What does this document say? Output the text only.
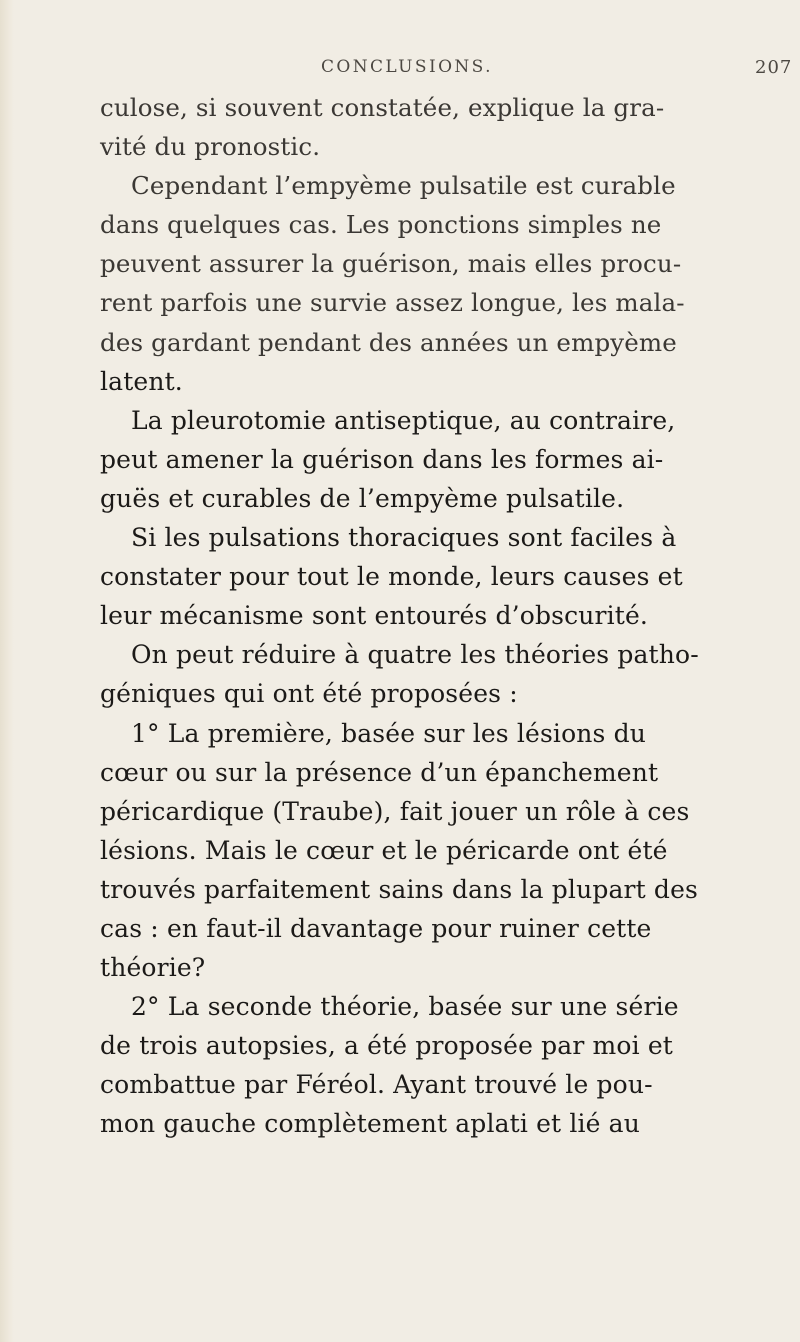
CONCLUSIONS.	207
culose, si souvent constatée, explique la gra-
vité du pronostic.
Cependant l’empyème pulsatile est curable
dans quelques cas. Les ponctions simples ne
peuvent assurer la guérison, mais elles procu-
rent parfois une survie assez longue, les mala-
des gardant pendant des années un empyème
latent.
La pleurotomie antiseptique, au contraire,
peut amener la guérison dans les formes ai-
guës et curables de l’empyème pulsatile.
Si les pulsations thoraciques sont faciles à
constater pour tout le monde, leurs causes et
leur mécanisme sont entourés d’obscurité.
On peut réduire à quatre les théories patho-
géniques qui ont été proposées :
1° La première, basée sur les lésions du
cœur ou sur la présence d’un épanchement
péricardique (Traube), fait jouer un rôle à ces
lésions. Mais le cœur et le péricarde ont été
trouvés parfaitement sains dans la plupart des
cas : en faut-il davantage pour ruiner cette
théorie?
2° La seconde théorie, basée sur une série
de trois autopsies, a été proposée par moi et
combattue par Féréol. Ayant trouvé le pou-
mon gauche complètement aplati et lié au
